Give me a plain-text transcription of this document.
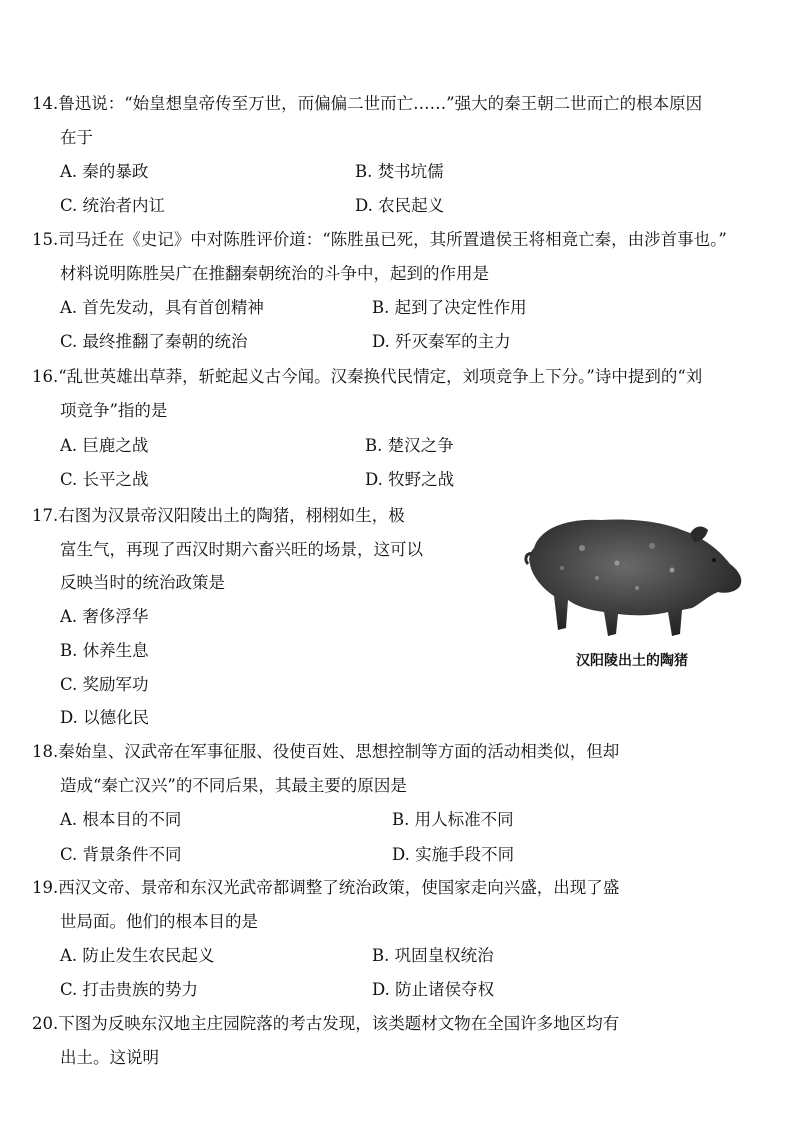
14.鲁迅说：“始皇想皇帝传至万世，而偏偏二世而亡……”强大的秦王朝二世而亡的根本原因
在于
A. 秦的暴政	B. 焚书坑儒
C. 统治者内讧	D. 农民起义
15.司马迁在《史记》中对陈胜评价道：“陈胜虽已死，其所置遣侯王将相竟亡秦，由涉首事也。”
材料说明陈胜吴广在推翻秦朝统治的斗争中，起到的作用是
A. 首先发动，具有首创精神	B. 起到了决定性作用
C. 最终推翻了秦朝的统治	D. 歼灭秦军的主力
16.“乱世英雄出草莽，斩蛇起义古今闻。汉秦换代民情定，刘项竞争上下分。”诗中提到的“刘
项竞争”指的是
A. 巨鹿之战	B. 楚汉之争
C. 长平之战	D. 牧野之战
17.右图为汉景帝汉阳陵出土的陶猪，栩栩如生，极
富生气，再现了西汉时期六畜兴旺的场景，这可以
反映当时的统治政策是
A. 奢侈浮华
B. 休养生息
C. 奖励军功
D. 以德化民
汉阳陵出土的陶猪
18.秦始皇、汉武帝在军事征服、役使百姓、思想控制等方面的活动相类似，但却
造成“秦亡汉兴”的不同后果，其最主要的原因是
A. 根本目的不同	B. 用人标准不同
C. 背景条件不同	D. 实施手段不同
19.西汉文帝、景帝和东汉光武帝都调整了统治政策，使国家走向兴盛，出现了盛
世局面。他们的根本目的是
A. 防止发生农民起义	B. 巩固皇权统治
C. 打击贵族的势力	D. 防止诸侯夺权
20.下图为反映东汉地主庄园院落的考古发现，该类题材文物在全国许多地区均有
出土。这说明
